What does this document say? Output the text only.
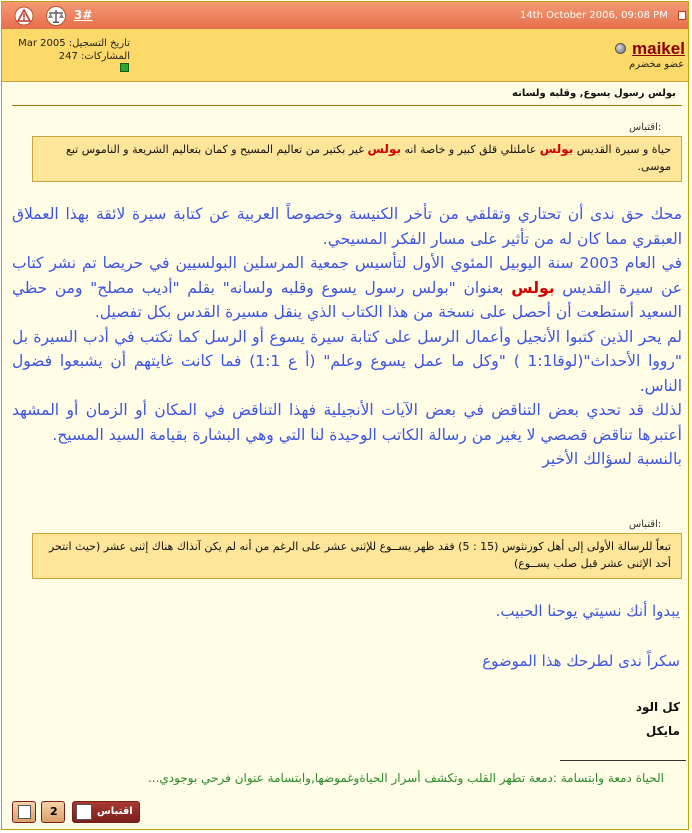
3#	14th October 2006, 09:08 PM
تاريخ التسجيل: Mar 2005
المشاركات: 247	maikel
عضو مخضرم
بولس رسول يسوع, وقلبه ولسانه
اقتباس:
حياة و سيرة القديس بولس عاملتلي قلق كبير و خاصة انه بولس غير بكتير من تعاليم المسيح و كمان بتعاليم الشريعة و الناموس تبع موسى.

محك حق ندى أن تحتاري وتقلقي من تأخر الكنيسة وخصوصاً العربية عن كتابة سيرة لائقة بهذا العملاق العبقري مما كان له من تأثير على مسار الفكر المسيحي.

في العام 2003 سنة اليوبيل المئوي الأول لتأسيس جمعية المرسلين البولسيين في حريصا تم نشر كتاب عن سيرة القديس بولس بعنوان "بولس رسول يسوع وقلبه ولسانه" بقلم "أديب مصلح" ومن حظي السعيد أستطعت أن أحصل على نسخة من هذا الكتاب الذي ينقل مسيرة القدس بكل تفصيل.

لم يحر الذين كتبوا الأنجيل وأعمال الرسل على كتابة سيرة يسوع أو الرسل كما تكتب في أدب السيرة بل "رووا الأحداث"(لوقا1:1 ) "وكل ما عمل يسوع وعلم" (أ ع 1:1) فما كانت غايتهم أن يشبعوا فضول الناس.

لذلك قد تحدي بعض التناقض في بعض الآيات الأنجيلية فهذا التناقض في المكان أو الزمان أو المشهد أعتبرها تناقض قصصي لا يغير من رسالة الكاتب الوحيدة لنا التي وهي البشارة بقيامة السيد المسيح.

بالنسبة لسؤالك الأخير

اقتباس:
تبعاً للرسالة الأولى إلى أهل كورنثوس (15 : 5) فقد ظهر يســوع للإثنى عشر على الرغم من أنه لم يكن آنذاك هناك إثنى عشر (حيث انتحر أحد الإثنى عشر قبل صلب يســوع)
يبدوا أنك نسيتي يوحنا الحبيب.
سكراً ندى لطرحك هذا الموضوع
كل الود
مايكل
الحياة دمعة وابتسامة :دمعة تطهر القلب وتكشف أسرار الحياةوغموضها,وابتسامة عنوان فرحي بوجودي...
2	اقتباس
